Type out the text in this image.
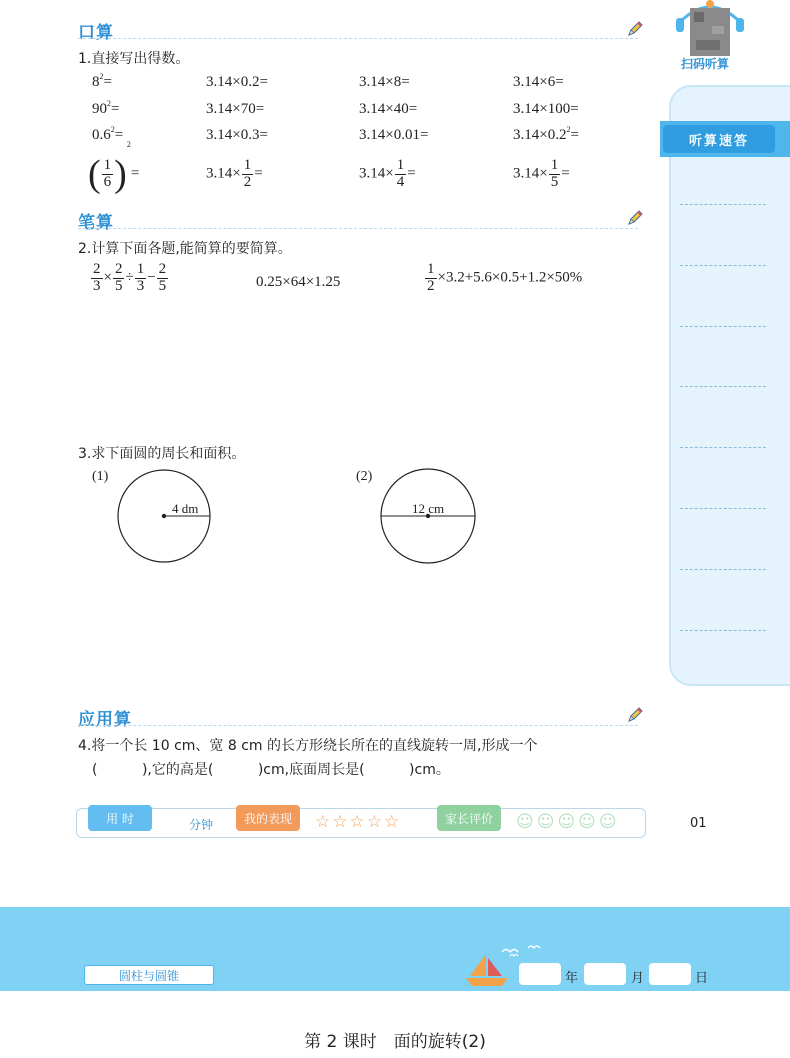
口算
1.直接写出得数。
$8^2=$	3.14×0.2=	3.14×8=	3.14×6=
$90^2=$	3.14×70=	3.14×40=	3.14×100=
$0.6^2=$	3.14×0.3=	3.14×0.01=	$3.14\times 0.2^2=$
( $\frac{1}{6} )^2=$	$3.14\times \frac{1}{2}$ =	$3.14\times \frac{1}{4}$ =	$3.14\times \frac{1}{5}$ =
笔算
2.计算下面各题,能简算的要简算。
$\frac{2}{3} \times \frac{2}{5} \div \frac{1}{3} - \frac{2}{5}$	0.25×64×1.25	$\frac{1}{2} \times 3.2+5.6\times 0.5+1.2\times 50\%$
3.求下面圆的周长和面积。
(1)	(2)
4 dm	12 cm
应用算
4.将一个长 10 cm、宽 8 cm 的长方形绕长所在的直线旋转一周,形成一个
(          ),它的高是(          )cm,底面周长是(          )cm。
用 时	分钟	我的表现	☆☆☆☆☆	家长评价	☺☺☺☺☺	01
扫码听算
听算速答
圆柱与圆锥	年	月	日
第 2 课时　面的旋转(2)
